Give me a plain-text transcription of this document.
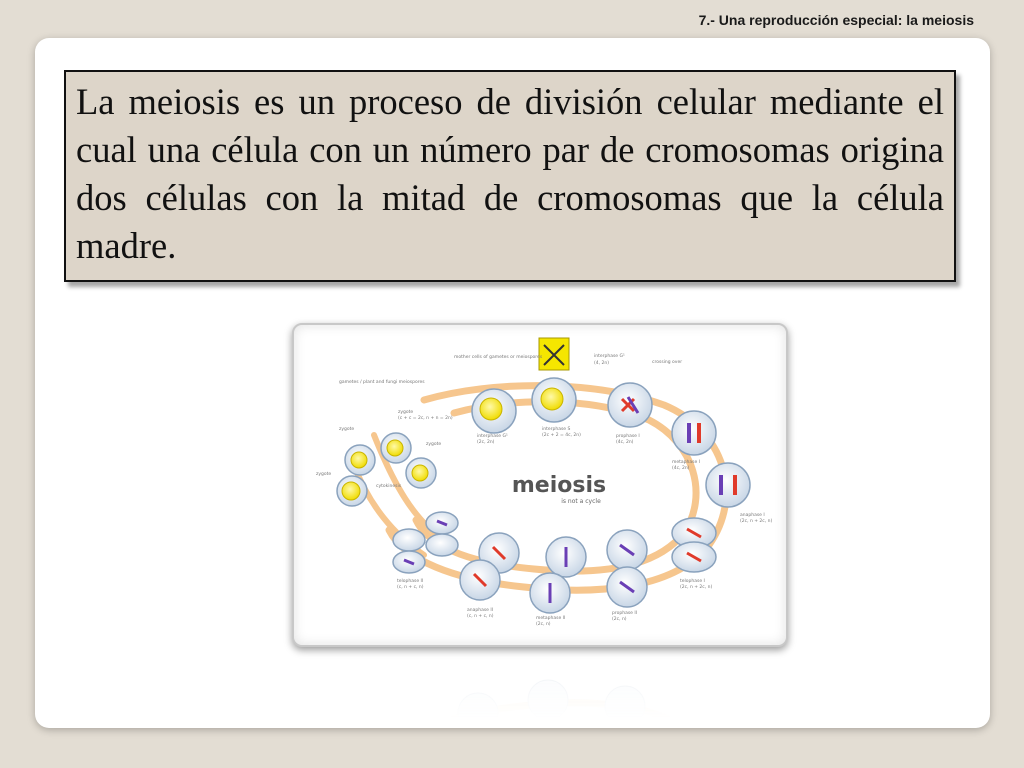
7.- Una reproducción especial: la meiosis
La meiosis es un proceso de división celular mediante el cual una célula con un número par de cromosomas origina dos células con la mitad de cromosomas que la célula madre.
meiosis
is not a cycle
mother cells of gametes or meiospores
gametes / plant and fungi meiospores
interphase G¹
(4, 2n)	crossing over
interphase G¹
(2c, 2n)
interphase S
(2c + 2 = 4c, 2n)	prophase I
(4c, 2n)
metaphase I
(4c, 2n)
anaphase I
(2c, n + 2c, n)
telophase I
(2c, n + 2c, n)
prophase II
(2c, n)
metaphase II
(2c, n)
anaphase II
(c, n + c, n)
telophase II
(c, n + c, n)
cytokinesis
zygote
(c + c = 2c, n + n = 2n)
zygote
zygote
zygote
